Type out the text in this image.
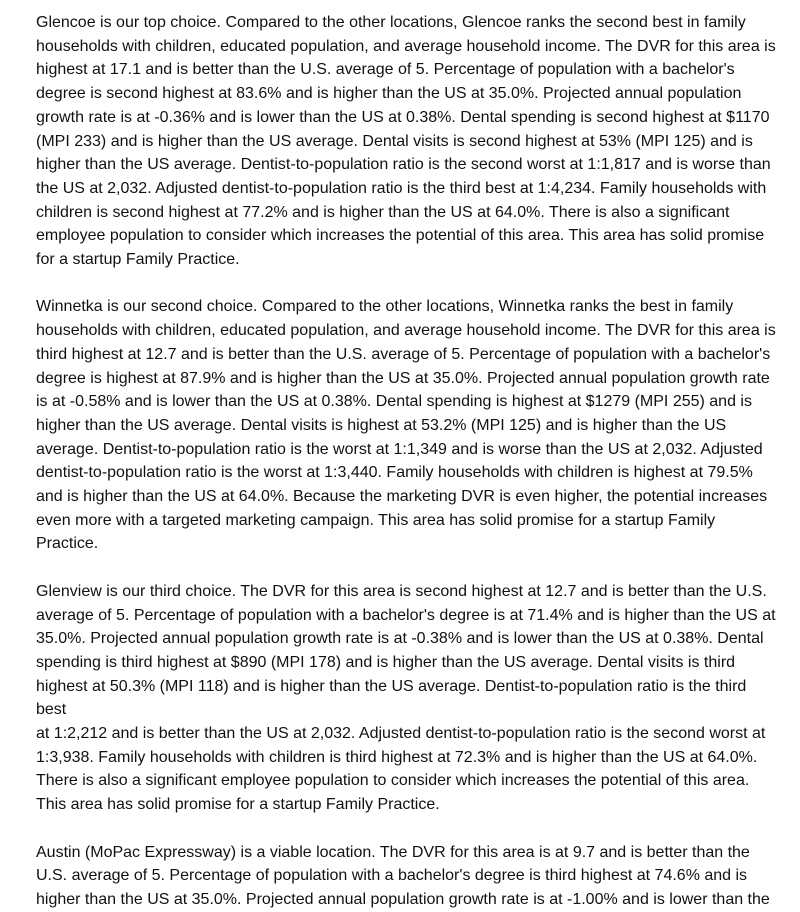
Glencoe is our top choice. Compared to the other locations, Glencoe ranks the second best in family
households with children, educated population, and average household income. The DVR for this area is
highest at 17.1 and is better than the U.S. average of 5. Percentage of population with a bachelor's
degree is second highest at 83.6% and is higher than the US at 35.0%. Projected annual population
growth rate is at -0.36% and is lower than the US at 0.38%. Dental spending is second highest at $1170
(MPI 233) and is higher than the US average. Dental visits is second highest at 53% (MPI 125) and is
higher than the US average. Dentist-to-population ratio is the second worst at 1:1,817 and is worse than
the US at 2,032. Adjusted dentist-to-population ratio is the third best at 1:4,234. Family households with
children is second highest at 77.2% and is higher than the US at 64.0%. There is also a significant
employee population to consider which increases the potential of this area. This area has solid promise
for a startup Family Practice.

Winnetka is our second choice. Compared to the other locations, Winnetka ranks the best in family
households with children, educated population, and average household income. The DVR for this area is
third highest at 12.7 and is better than the U.S. average of 5. Percentage of population with a bachelor's
degree is highest at 87.9% and is higher than the US at 35.0%. Projected annual population growth rate
is at -0.58% and is lower than the US at 0.38%. Dental spending is highest at $1279 (MPI 255) and is
higher than the US average. Dental visits is highest at 53.2% (MPI 125) and is higher than the US
average. Dentist-to-population ratio is the worst at 1:1,349 and is worse than the US at 2,032. Adjusted
dentist-to-population ratio is the worst at 1:3,440. Family households with children is highest at 79.5%
and is higher than the US at 64.0%. Because the marketing DVR is even higher, the potential increases
even more with a targeted marketing campaign. This area has solid promise for a startup Family Practice.

Glenview is our third choice. The DVR for this area is second highest at 12.7 and is better than the U.S.
average of 5. Percentage of population with a bachelor's degree is at 71.4% and is higher than the US at
35.0%. Projected annual population growth rate is at -0.38% and is lower than the US at 0.38%. Dental
spending is third highest at $890 (MPI 178) and is higher than the US average. Dental visits is third
highest at 50.3% (MPI 118) and is higher than the US average. Dentist-to-population ratio is the third best
at 1:2,212 and is better than the US at 2,032. Adjusted dentist-to-population ratio is the second worst at
1:3,938. Family households with children is third highest at 72.3% and is higher than the US at 64.0%.
There is also a significant employee population to consider which increases the potential of this area.
This area has solid promise for a startup Family Practice.

Austin (MoPac Expressway) is a viable location. The DVR for this area is at 9.7 and is better than the
U.S. average of 5. Percentage of population with a bachelor's degree is third highest at 74.6% and is
higher than the US at 35.0%. Projected annual population growth rate is at -1.00% and is lower than the
